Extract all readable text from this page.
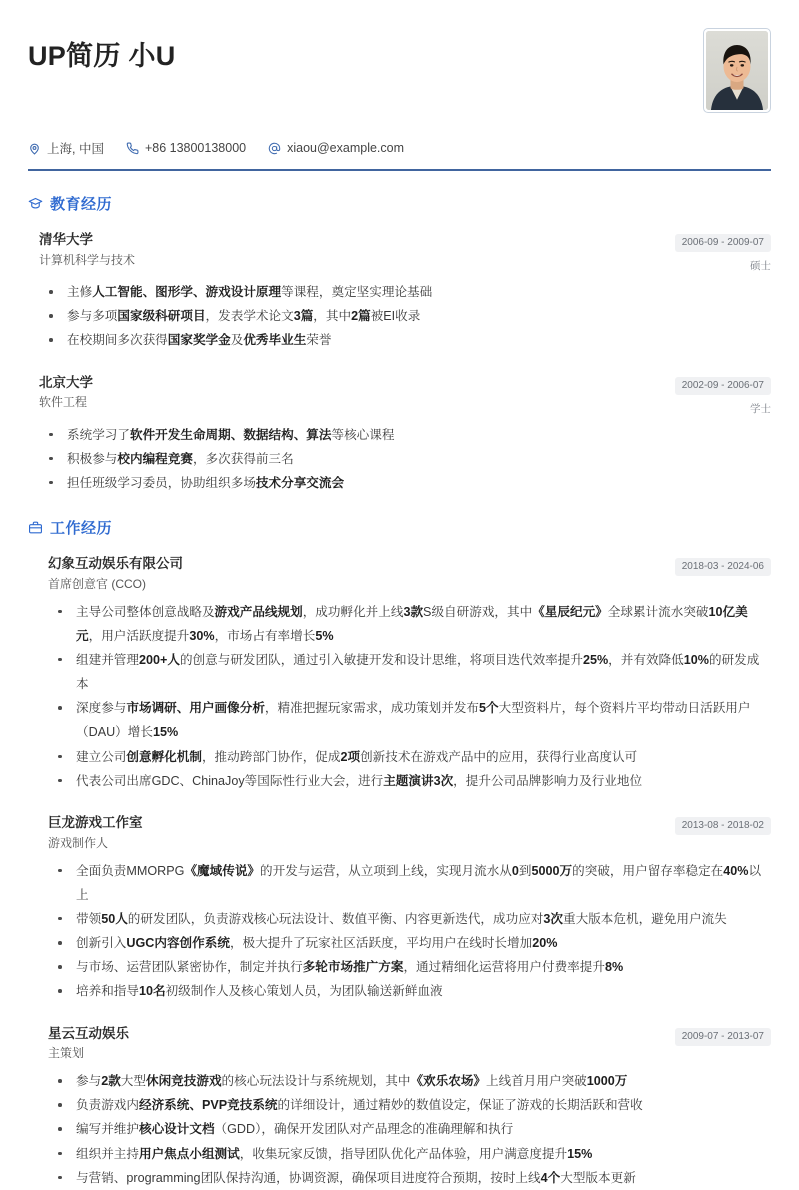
UP简历 小U
上海, 中国	+86 13800138000	xiaou@example.com
教育经历
清华大学
计算机科学与技术
2006-09 - 2009-07
硕士
主修人工智能、图形学、游戏设计原理等课程，奠定坚实理论基础
参与多项国家级科研项目，发表学术论文3篇，其中2篇被EI收录
在校期间多次获得国家奖学金及优秀毕业生荣誉
北京大学
软件工程
2002-09 - 2006-07
学士
系统学习了软件开发生命周期、数据结构、算法等核心课程
积极参与校内编程竞赛，多次获得前三名
担任班级学习委员，协助组织多场技术分享交流会
工作经历
幻象互动娱乐有限公司
首席创意官 (CCO)
2018-03 - 2024-06
主导公司整体创意战略及游戏产品线规划，成功孵化并上线3款S级自研游戏，其中《星辰纪元》全球累计流水突破10亿美元，用户活跃度提升30%，市场占有率增长5%
组建并管理200+人的创意与研发团队，通过引入敏捷开发和设计思维，将项目迭代效率提升25%，并有效降低10%的研发成本
深度参与市场调研、用户画像分析，精准把握玩家需求，成功策划并发布5个大型资料片，每个资料片平均带动日活跃用户（DAU）增长15%
建立公司创意孵化机制，推动跨部门协作，促成2项创新技术在游戏产品中的应用，获得行业高度认可
代表公司出席GDC、ChinaJoy等国际性行业大会，进行主题演讲3次，提升公司品牌影响力及行业地位
巨龙游戏工作室
游戏制作人
2013-08 - 2018-02
全面负责MMORPG《魔域传说》的开发与运营，从立项到上线，实现月流水从0到5000万的突破，用户留存率稳定在40%以上
带领50人的研发团队，负责游戏核心玩法设计、数值平衡、内容更新迭代，成功应对3次重大版本危机，避免用户流失
创新引入UGC内容创作系统，极大提升了玩家社区活跃度，平均用户在线时长增加20%
与市场、运营团队紧密协作，制定并执行多轮市场推广方案，通过精细化运营将用户付费率提升8%
培养和指导10名初级制作人及核心策划人员，为团队输送新鲜血液
星云互动娱乐
主策划
2009-07 - 2013-07
参与2款大型休闲竞技游戏的核心玩法设计与系统规划，其中《欢乐农场》上线首月用户突破1000万
负责游戏内经济系统、PVP竞技系统的详细设计，通过精妙的数值设定，保证了游戏的长期活跃和营收
编写并维护核心设计文档（GDD），确保开发团队对产品理念的准确理解和执行
组织并主持用户焦点小组测试，收集玩家反馈，指导团队优化产品体验，用户满意度提升15%
与营销、programming团队保持沟通，协调资源，确保项目进度符合预期，按时上线4个大型版本更新
